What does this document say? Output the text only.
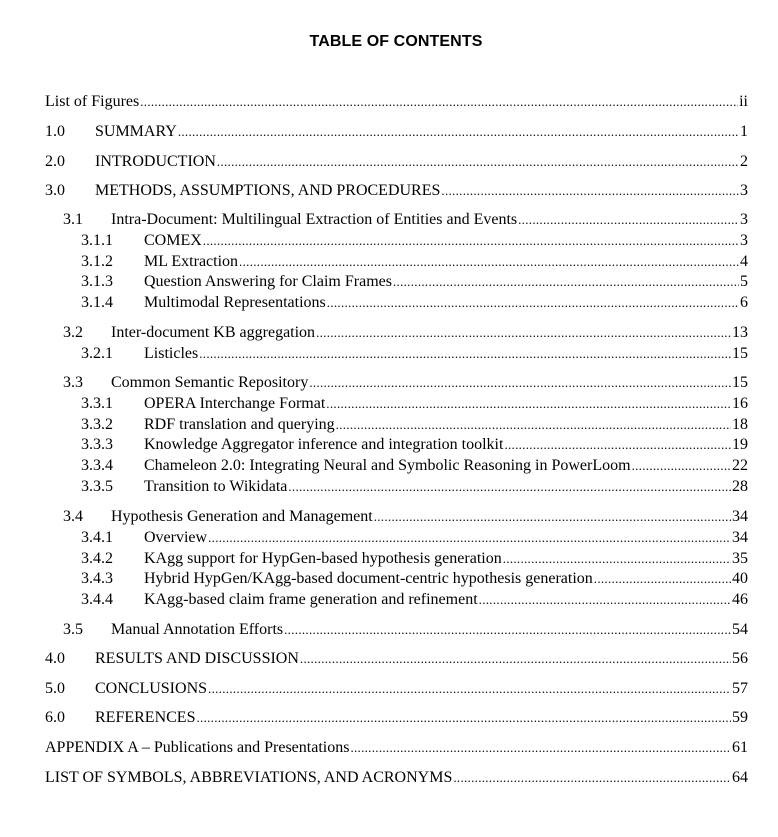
TABLE OF CONTENTS
List of Figures .....	ii
1.0	SUMMARY .....	1
2.0	INTRODUCTION .....	2
3.0	METHODS, ASSUMPTIONS, AND PROCEDURES .....	3
3.1	Intra-Document: Multilingual Extraction of Entities and Events .....	3
3.1.1	COMEX .....	3
3.1.2	ML Extraction .....	4
3.1.3	Question Answering for Claim Frames .....	5
3.1.4	Multimodal Representations .....	6
3.2	Inter-document KB aggregation .....	13
3.2.1	Listicles .....	15
3.3	Common Semantic Repository .....	15
3.3.1	OPERA Interchange Format .....	16
3.3.2	RDF translation and querying .....	18
3.3.3	Knowledge Aggregator inference and integration toolkit .....	19
3.3.4	Chameleon 2.0: Integrating Neural and Symbolic Reasoning in PowerLoom .....	22
3.3.5	Transition to Wikidata .....	28
3.4	Hypothesis Generation and Management .....	34
3.4.1	Overview .....	34
3.4.2	KAgg support for HypGen-based hypothesis generation .....	35
3.4.3	Hybrid HypGen/KAgg-based document-centric hypothesis generation .....	40
3.4.4	KAgg-based claim frame generation and refinement .....	46
3.5	Manual Annotation Efforts .....	54
4.0	RESULTS AND DISCUSSION .....	56
5.0	CONCLUSIONS .....	57
6.0	REFERENCES .....	59
APPENDIX A – Publications and Presentations .....	61
LIST OF SYMBOLS, ABBREVIATIONS, AND ACRONYMS .....	64
